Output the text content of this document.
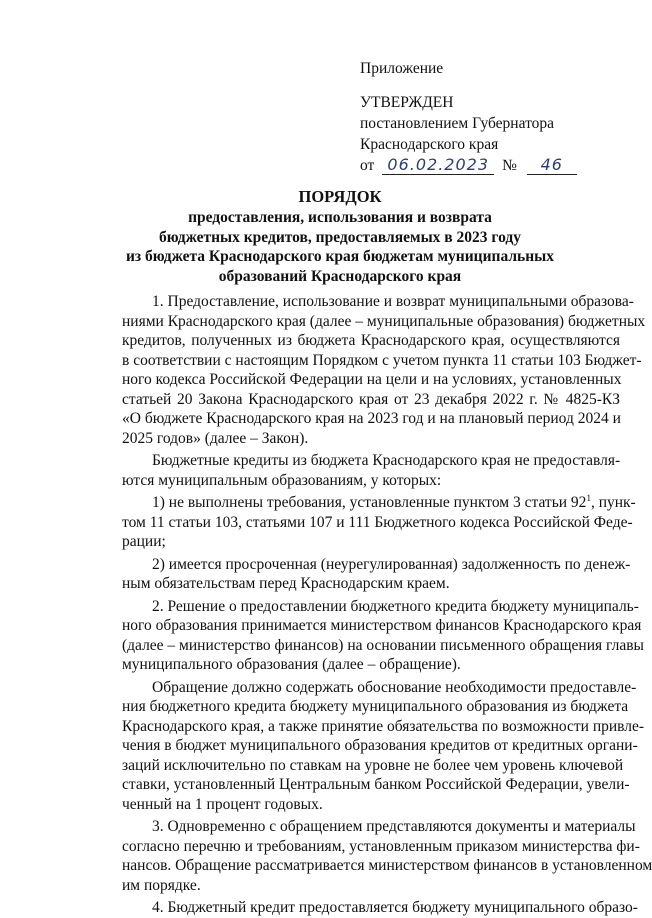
Приложение
УТВЕРЖДЕН
постановлением Губернатора
Краснодарского края
от 06.02.2023 № 46
ПОРЯДОК
предоставления, использования и возврата
бюджетных кредитов, предоставляемых в 2023 году
из бюджета Краснодарского края бюджетам муниципальных
образований Краснодарского края
1. Предоставление, использование и возврат муниципальными образова-
ниями Краснодарского края (далее – муниципальные образования) бюджетных
кредитов, полученных из бюджета Краснодарского края, осуществляются
в соответствии с настоящим Порядком с учетом пункта 11 статьи 103 Бюджет-
ного кодекса Российской Федерации на цели и на условиях, установленных
статьей 20 Закона Краснодарского края от 23 декабря 2022 г. № 4825-КЗ
«О бюджете Краснодарского края на 2023 год и на плановый период 2024 и
2025 годов» (далее – Закон).
Бюджетные кредиты из бюджета Краснодарского края не предоставля-
ются муниципальным образованиям, у которых:
1) не выполнены требования, установленные пунктом 3 статьи $92^1$, пунк-
том 11 статьи 103, статьями 107 и 111 Бюджетного кодекса Российской Феде-
рации;
2) имеется просроченная (неурегулированная) задолженность по денеж-
ным обязательствам перед Краснодарским краем.
2. Решение о предоставлении бюджетного кредита бюджету муниципаль-
ного образования принимается министерством финансов Краснодарского края
(далее – министерство финансов) на основании письменного обращения главы
муниципального образования (далее – обращение).
Обращение должно содержать обоснование необходимости предоставле-
ния бюджетного кредита бюджету муниципального образования из бюджета
Краснодарского края, а также принятие обязательства по возможности привле-
чения в бюджет муниципального образования кредитов от кредитных органи-
заций исключительно по ставкам на уровне не более чем уровень ключевой
ставки, установленный Центральным банком Российской Федерации, увели-
ченный на 1 процент годовых.
3. Одновременно с обращением представляются документы и материалы
согласно перечню и требованиям, установленным приказом министерства фи-
нансов. Обращение рассматривается министерством финансов в установленном
им порядке.
4. Бюджетный кредит предоставляется бюджету муниципального образо-
